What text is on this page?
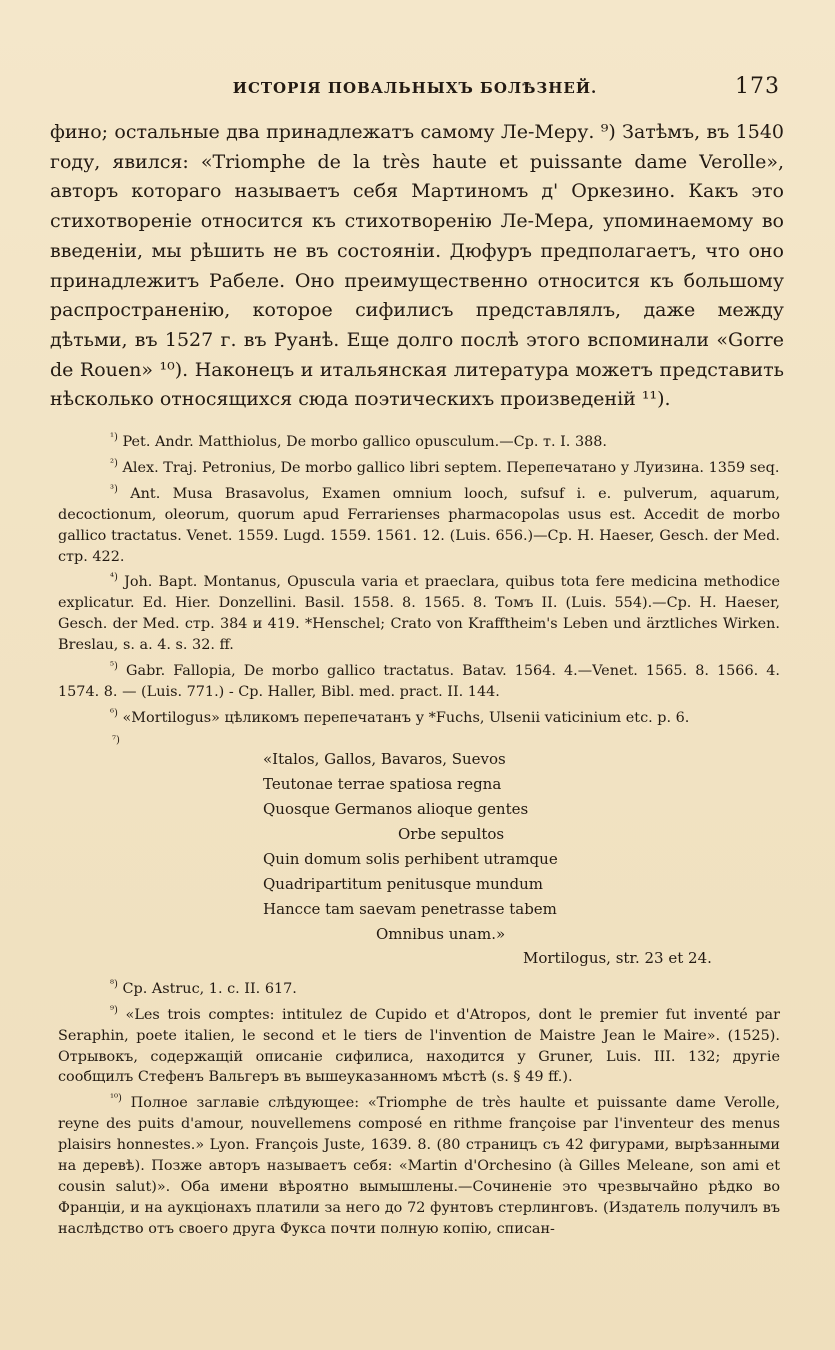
ИСТОРІЯ ПОВАЛЬНЫХЪ БОЛѢЗНЕЙ.	173

фино; остальные два принадлежатъ самому Ле-Меру. ⁹) Затѣмъ, въ 1540 году, явился: «Triomphe de la très haute et puissante dame Verolle», авторъ котораго называетъ себя Мартиномъ д' Оркезино. Какъ это стихотвореніе относится къ стихотворенію Ле-Мера, упоминаемому во введеніи, мы рѣшить не въ состояніи. Дюфуръ предполагаетъ, что оно принадлежитъ Рабеле. Оно преимущественно относится къ большому распространенію, которое сифилисъ представлялъ, даже между дѣтьми, въ 1527 г. въ Руанѣ. Еще долго послѣ этого вспоминали «Gorre de Rouen» ¹⁰). Наконецъ и итальянская литература можетъ представить нѣсколько относящихся сюда поэтическихъ произведеній ¹¹).

$^{^1)}$ Pet. Andr. Matthiolus, De morbo gallico opusculum.—Cp. т. I. 388.

$^{^2)}$ Alex. Traj. Petronius, De morbo gallico libri septem. Перепечатано у Луизина. 1359 seq.

$^{^3)}$ Ant. Musa Brasavolus, Examen omnium looch, sufsuf i. e. pulverum, aquarum, decoctionum, oleorum, quorum apud Ferrarienses pharmacopolas usus est. Accedit de morbo gallico tractatus. Venet. 1559. Lugd. 1559. 1561. 12. (Luis. 656.)—Cp. H. Haeser, Gesch. der Med. стр. 422.

$^{^4)}$ Joh. Bapt. Montanus, Opuscula varia et praeclara, quibus tota fere medicina methodice explicatur. Ed. Hier. Donzellini. Basil. 1558. 8. 1565. 8. Томъ II. (Luis. 554).—Cp. H. Haeser, Gesch. der Med. стр. 384 и 419. *Henschel; Crato von Krafftheim's Leben und ärztliches Wirken. Breslau, s. a. 4. s. 32. ff.

$^{^5)}$ Gabr. Fallopia, De morbo gallico tractatus. Batav. 1564. 4.—Venet. 1565. 8. 1566. 4. 1574. 8. — (Luis. 771.) - Cp. Haller, Bibl. med. pract. II. 144.

$^{^6)}$ «Mortilogus» цѣликомъ перепечатанъ у *Fuchs, Ulsenii vaticinium etc. p. 6.

⁷)
«Italos, Gallos, Bavaros, Suevos
Teutonae terrae spatiosa regna
Quosque Germanos alioque gentes
Orbe sepultos
Quin domum solis perhibent utramque
Quadripartitum penitusque mundum
Hancce tam saevam penetrasse tabem
Omnibus unam.»
Mortilogus, str. 23 et 24.

$^{^8)}$ Cp. Astruc, 1. c. II. 617.

$^{^9)}$ «Les trois comptes: intitulez de Cupido et d'Atropos, dont le premier fut inventé par Seraphin, poete italien, le second et le tiers de l'invention de Maistre Jean le Maire». (1525). Отрывокъ, содержащій описаніе сифилиса, находится у Gruner, Luis. III. 132; другіе сообщилъ Стефенъ Вальгеръ въ вышеуказанномъ мѣстѣ (s. § 49 ff.).

$^{^{10})}$ Полное заглавіе слѣдующее: «Triomphe de très haulte et puissante dame Verolle, reyne des puits d'amour, nouvellemens composé en rithme françoise par l'inventeur des menus plaisirs honnestes.» Lyon. François Juste, 1639. 8. (80 страницъ съ 42 фигурами, вырѣзанными на деревѣ). Позже авторъ называетъ себя: «Martin d'Orchesino (à Gilles Meleane, son ami et cousin salut)». Оба имени вѣроятно вымышлены.—Сочиненіе это чрезвычайно рѣдко во Франціи, и на аукціонахъ платили за него до 72 фунтовъ стерлинговъ. (Издатель получилъ въ наслѣдство отъ своего друга Фукса почти полную копію, списан-
